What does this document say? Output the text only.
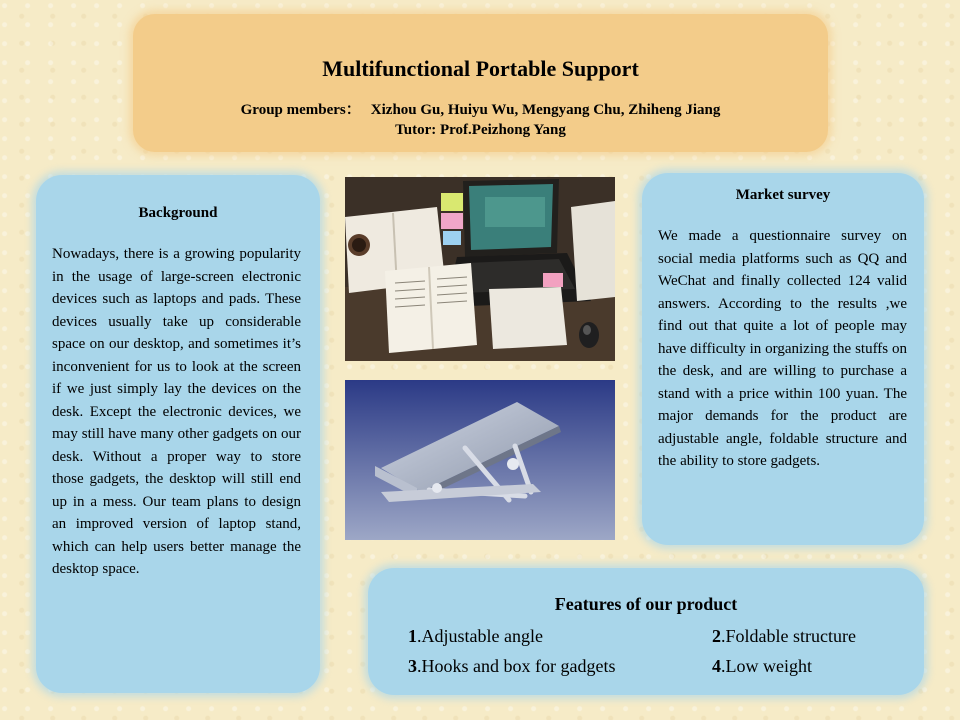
Multifunctional Portable Support
Group members： Xizhou Gu, Huiyu Wu, Mengyang Chu, Zhiheng Jiang
Tutor: Prof.Peizhong Yang
Background
Nowadays, there is a growing popularity in the usage of large-screen electronic devices such as laptops and pads. These devices usually take up considerable space on our desktop, and sometimes it’s inconvenient for us to look at the screen if we just simply lay the devices on the desk. Except the electronic devices, we may still have many other gadgets on our desk. Without a proper way to store those gadgets, the desktop will still end up in a mess. Our team plans to design an improved version of laptop stand, which can help users better manage the desktop space.
Market survey
We made a questionnaire survey on social media platforms such as QQ and WeChat and finally collected 124 valid answers. According to the results ,we find out that quite a lot of people may have difficulty in organizing the stuffs on the desk, and are willing to purchase a stand with a price within 100 yuan. The major demands for the product are adjustable angle, foldable structure and the ability to store gadgets.
Features of our product
1.Adjustable angle	2.Foldable structure
3.Hooks and box for gadgets	4.Low weight
